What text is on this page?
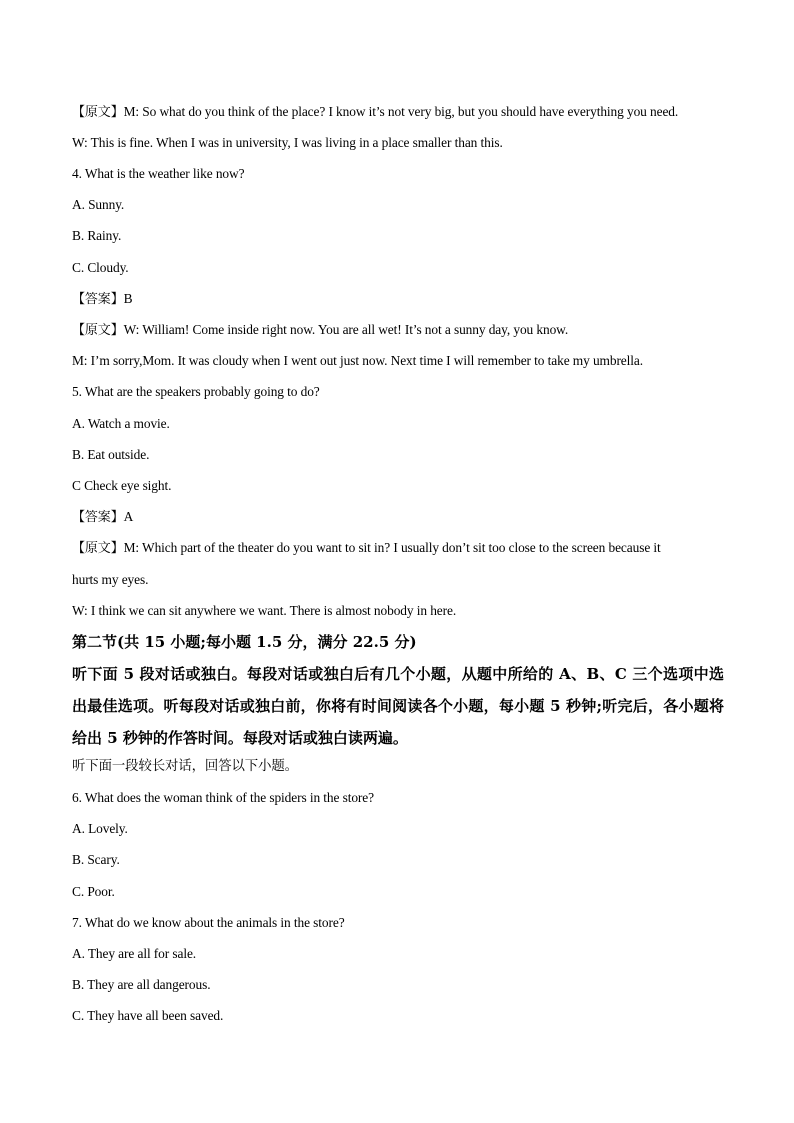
【原文】M: So what do you think of the place? I know it’s not very big, but you should have everything you need.
W: This is fine. When I was in university, I was living in a place smaller than this.
4. What is the weather like now?
A. Sunny.
B. Rainy.
C. Cloudy.
【答案】B
【原文】W: William! Come inside right now. You are all wet! It’s not a sunny day, you know.
M: I’m sorry,Mom. It was cloudy when I went out just now. Next time I will remember to take my umbrella.
5. What are the speakers probably going to do?
A. Watch a movie.
B. Eat outside.
C Check eye sight.
【答案】A
【原文】M: Which part of the theater do you want to sit in? I usually don’t sit too close to the screen because it
hurts my eyes.
W: I think we can sit anywhere we want. There is almost nobody in here.
第二节(共 15 小题;每小题 1.5 分，满分 22.5 分)
听下面 5 段对话或独白。每段对话或独白后有几个小题，从题中所给的 A、B、C 三个选项中选出最佳选项。听每段对话或独白前，你将有时间阅读各个小题，每小题 5 秒钟;听完后，各小题将给出 5 秒钟的作答时间。每段对话或独白读两遍。
听下面一段较长对话，回答以下小题。
6. What does the woman think of the spiders in the store?
A. Lovely.
B. Scary.
C. Poor.
7. What do we know about the animals in the store?
A. They are all for sale.
B. They are all dangerous.
C. They have all been saved.
